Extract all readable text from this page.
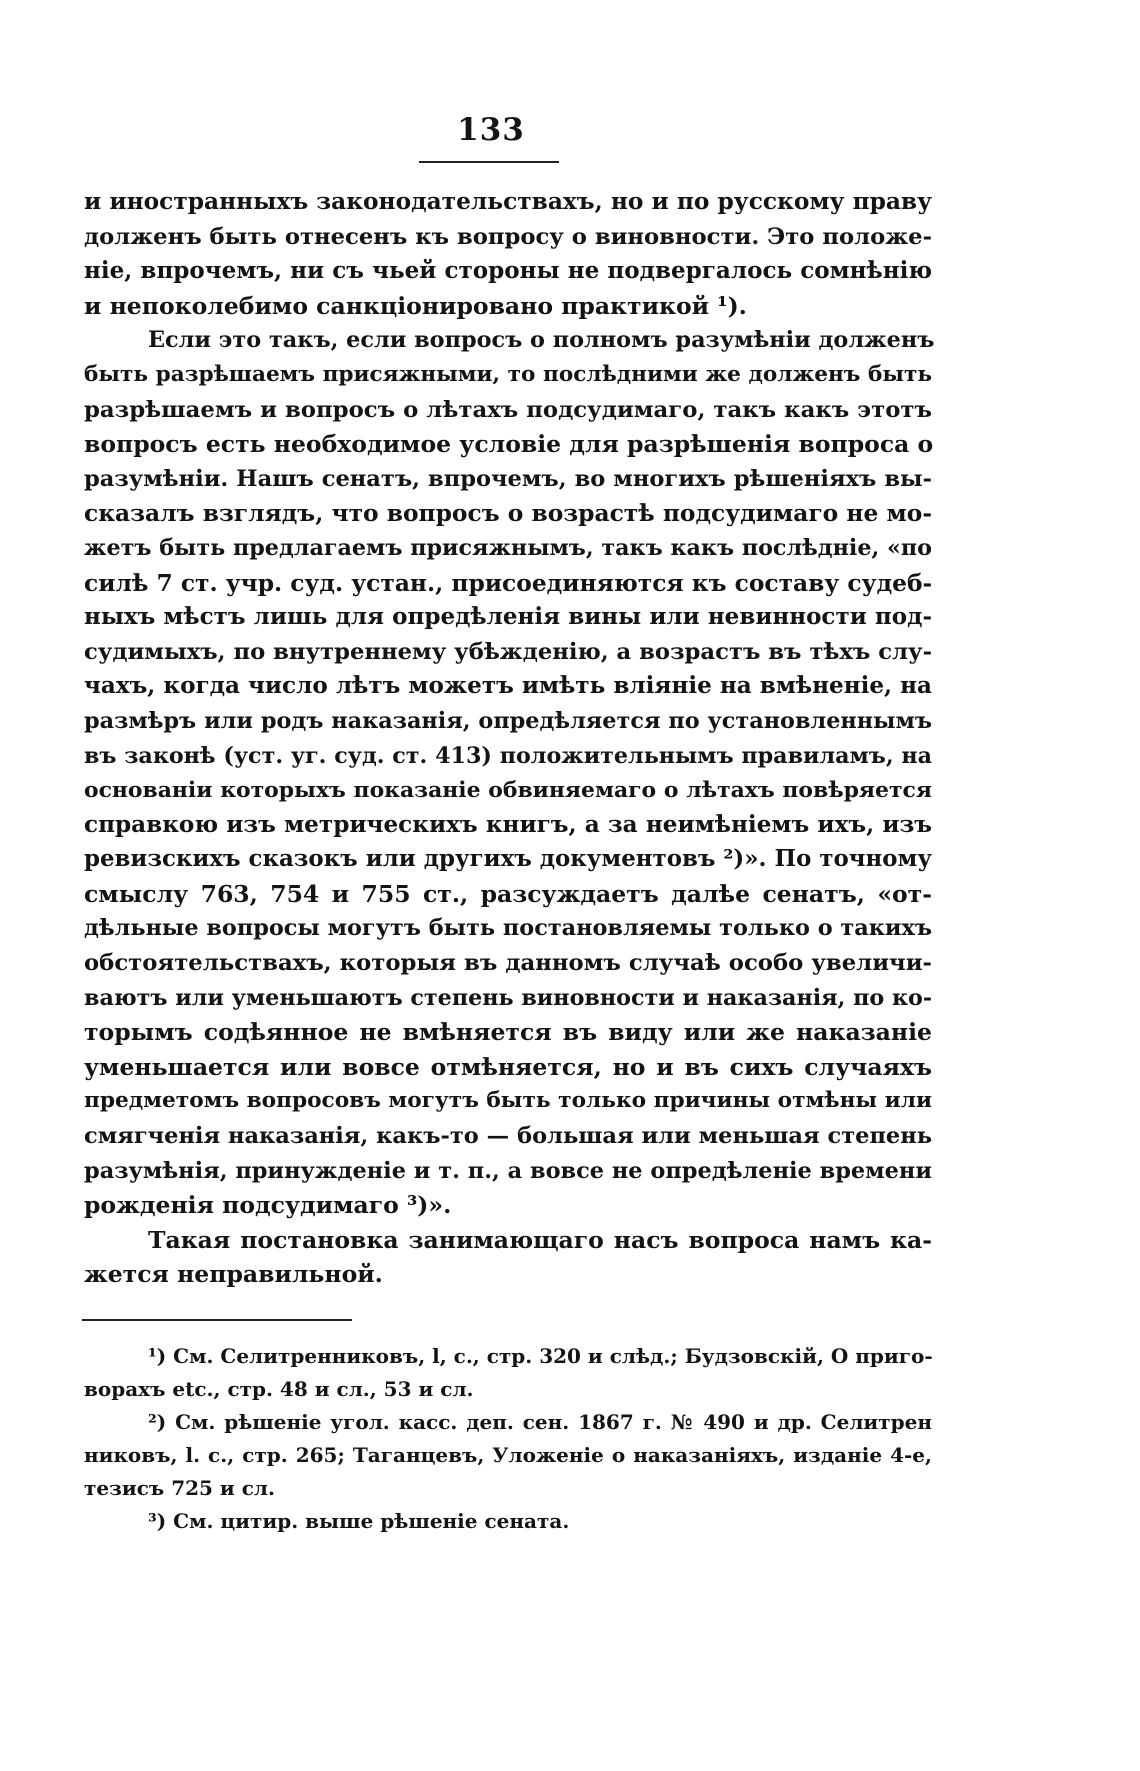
133
и иностранныхъ законодательствахъ, но и по русскому праву
долженъ быть отнесенъ къ вопросу о виновности. Это положе-
ніе, впрочемъ, ни съ чьей стороны не подвергалось сомнѣнію
и непоколебимо санкціонировано практикой ¹).
Если это такъ, если вопросъ о полномъ разумѣніи долженъ
быть разрѣшаемъ присяжными, то послѣдними же долженъ быть
разрѣшаемъ и вопросъ о лѣтахъ подсудимаго, такъ какъ этотъ
вопросъ есть необходимое условіе для разрѣшенія вопроса о
разумѣніи. Нашъ сенатъ, впрочемъ, во многихъ рѣшеніяхъ вы-
сказалъ взглядъ, что вопросъ о возрастѣ подсудимаго не мо-
жетъ быть предлагаемъ присяжнымъ, такъ какъ послѣдніе, «по
силѣ 7 ст. учр. суд. устан., присоединяются къ составу судеб-
ныхъ мѣстъ лишь для опредѣленія вины или невинности под-
судимыхъ, по внутреннему убѣжденію, а возрастъ въ тѣхъ слу-
чахъ, когда число лѣтъ можетъ имѣть вліяніе на вмѣненіе, на
размѣръ или родъ наказанія, опредѣляется по установленнымъ
въ законѣ (уст. уг. суд. ст. 413) положительнымъ правиламъ, на
основаніи которыхъ показаніе обвиняемаго о лѣтахъ повѣряется
справкою изъ метрическихъ книгъ, а за неимѣніемъ ихъ, изъ
ревизскихъ сказокъ или другихъ документовъ ²)». По точному
смыслу 763, 754 и 755 ст., разсуждаетъ далѣе сенатъ, «от-
дѣльные вопросы могутъ быть постановляемы только о такихъ
обстоятельствахъ, которыя въ данномъ случаѣ особо увеличи-
ваютъ или уменьшаютъ степень виновности и наказанія, по ко-
торымъ содѣянное не вмѣняется въ виду или же наказаніе
уменьшается или вовсе отмѣняется, но и въ сихъ случаяхъ
предметомъ вопросовъ могутъ быть только причины отмѣны или
смягченія наказанія, какъ-то — большая или меньшая степень
разумѣнія, принужденіе и т. п., а вовсе не опредѣленіе времени
рожденія подсудимаго ³)».
Такая постановка занимающаго насъ вопроса намъ ка-
жется неправильной.
¹) См. Селитренниковъ, l, c., стр. 320 и слѣд.; Будзовскій, О приго-
ворахъ etc., стр. 48 и сл., 53 и сл.
²) См. рѣшеніе угол. касс. деп. сен. 1867 г. № 490 и др. Селитрен
никовъ, l. c., стр. 265; Таганцевъ, Уложеніе о наказаніяхъ, изданіе 4-е,
тезисъ 725 и сл.
³) См. цитир. выше рѣшеніе сената.
